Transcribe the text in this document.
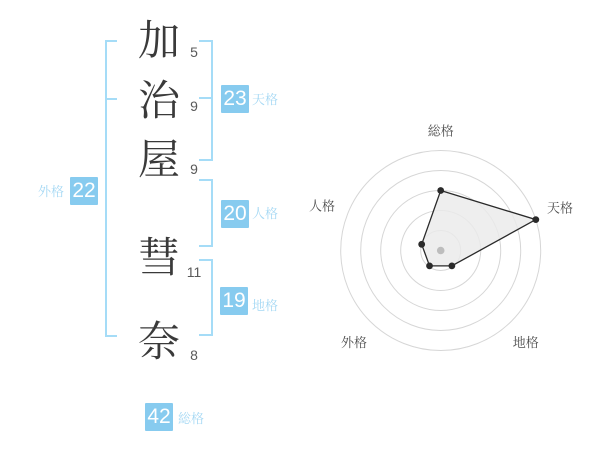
加
治
屋
彗
奈
5
9
9
11
8
23 天格
20 人格
19 地格
外格 22
42 総格
総格
天格
地格
外格
人格
